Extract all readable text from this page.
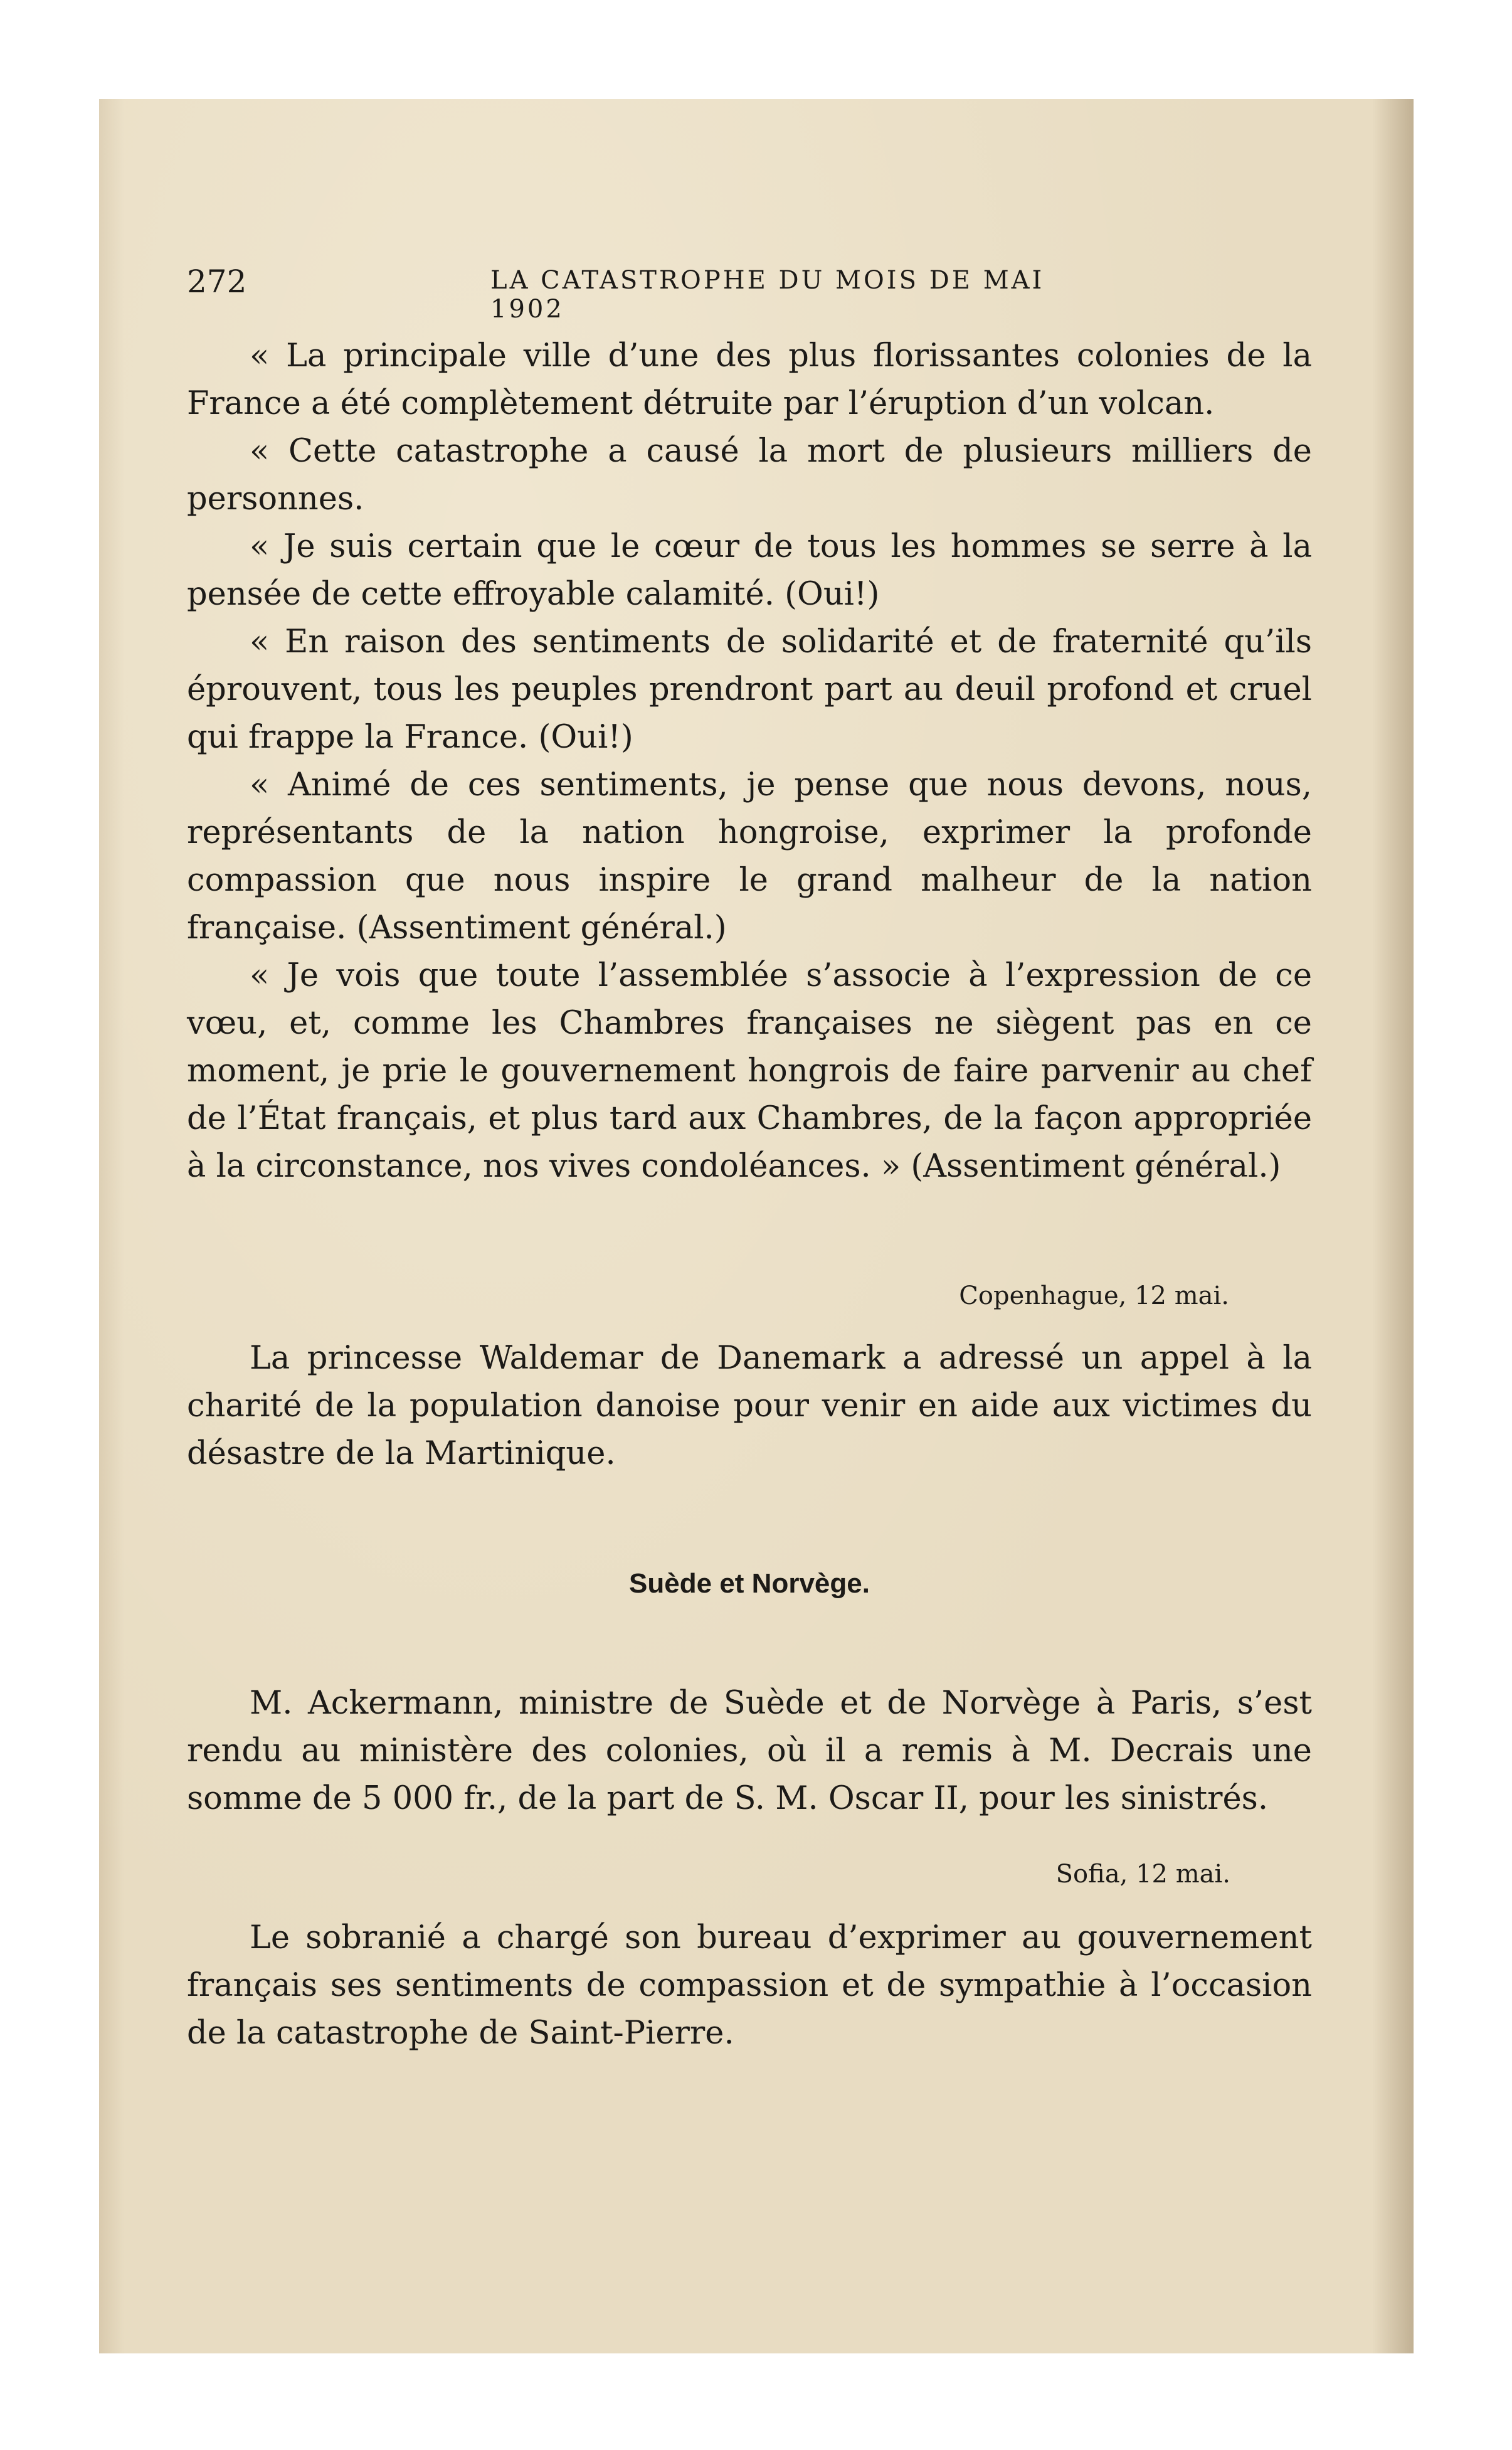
272	LA CATASTROPHE DU MOIS DE MAI 1902

« La principale ville d’une des plus florissantes colonies de la France a été complètement détruite par l’éruption d’un volcan.

« Cette catastrophe a causé la mort de plusieurs milliers de personnes.

« Je suis certain que le cœur de tous les hommes se serre à la pensée de cette effroyable calamité. (Oui!)

« En raison des sentiments de solidarité et de fraternité qu’ils éprouvent, tous les peuples prendront part au deuil profond et cruel qui frappe la France. (Oui!)

« Animé de ces sentiments, je pense que nous devons, nous, représentants de la nation hongroise, exprimer la profonde compassion que nous inspire le grand malheur de la nation française. (Assentiment général.)

« Je vois que toute l’assemblée s’associe à l’expression de ce vœu, et, comme les Chambres françaises ne siègent pas en ce moment, je prie le gouvernement hongrois de faire parvenir au chef de l’État français, et plus tard aux Chambres, de la façon appropriée à la circonstance, nos vives condoléances. » (Assentiment général.)

Copenhague, 12 mai.

La princesse Waldemar de Danemark a adressé un appel à la charité de la population danoise pour venir en aide aux victimes du désastre de la Martinique.

Suède et Norvège.

M. Ackermann, ministre de Suède et de Norvège à Paris, s’est rendu au ministère des colonies, où il a remis à M. Decrais une somme de 5 000 fr., de la part de S. M. Oscar II, pour les sinistrés.

Sofia, 12 mai.

Le sobranié a chargé son bureau d’exprimer au gouvernement français ses sentiments de compassion et de sympathie à l’occasion de la catastrophe de Saint-Pierre.
